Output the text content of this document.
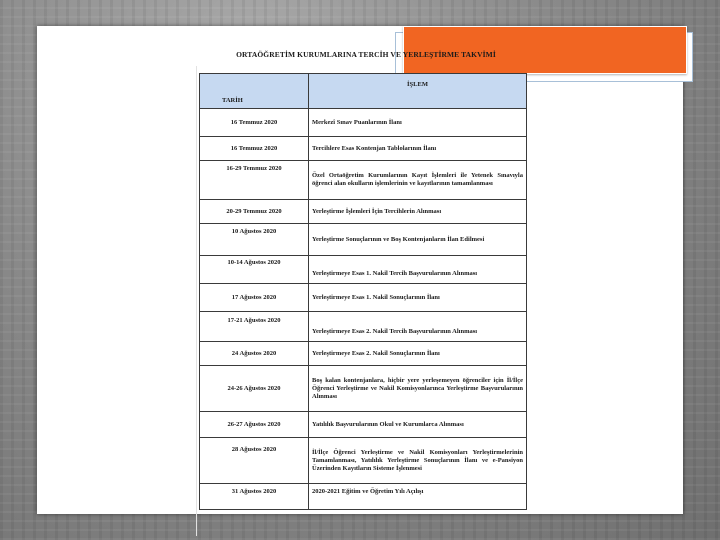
ORTAÖĞRETİM KURUMLARINA TERCİH VE YERLEŞTİRME TAKVİMİ
TARİH	İŞLEM
16 Temmuz 2020	Merkezî Sınav Puanlarının İlanı
16 Temmuz 2020	Tercihlere Esas Kontenjan Tablolarının İlanı
16-29 Temmuz 2020	Özel Ortaöğretim Kurumlarının Kayıt İşlemleri ile Yetenek Sınavıyla öğrenci alan okulların işlemlerinin ve kayıtlarının tamamlanması
20-29 Temmuz 2020	Yerleştirme İşlemleri İçin Tercihlerin Alınması
10 Ağustos 2020	Yerleştirme Sonuçlarının ve Boş Kontenjanların İlan Edilmesi
10-14 Ağustos 2020	Yerleştirmeye Esas 1. Nakil Tercih Başvurularının Alınması
17 Ağustos 2020	Yerleştirmeye Esas 1. Nakil Sonuçlarının İlanı
17-21 Ağustos 2020	Yerleştirmeye Esas 2. Nakil Tercih Başvurularının Alınması
24 Ağustos 2020	Yerleştirmeye Esas 2. Nakil Sonuçlarının İlanı
24-26 Ağustos 2020	Boş kalan kontenjanlara, hiçbir yere yerleşemeyen öğrenciler için İl/İlçe Öğrenci Yerleştirme ve Nakil Komisyonlarınca Yerleştirme Başvurularının Alınması
26-27 Ağustos 2020	Yatılılık Başvurularının Okul ve Kurumlarca Alınması
28 Ağustos 2020	İl/İlçe Öğrenci Yerleştirme ve Nakil Komisyonları Yerleştirmelerinin Tamamlanması, Yatılılık Yerleştirme Sonuçlarının İlanı ve e-Pansiyon Üzerinden Kayıtların Sisteme İşlenmesi
31 Ağustos 2020	2020-2021 Eğitim ve Öğretim Yılı Açılışı
